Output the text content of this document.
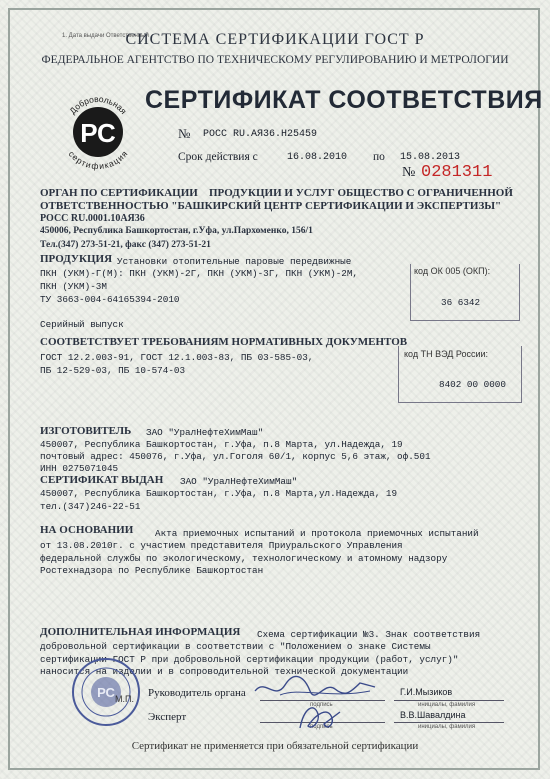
1. Дата выдачи Ответственный
СИСТЕМА СЕРТИФИКАЦИИ ГОСТ Р
ФЕДЕРАЛЬНОЕ АГЕНТСТВО ПО ТЕХНИЧЕСКОМУ РЕГУЛИРОВАНИЮ И МЕТРОЛОГИИ
РС
Добровольная
сертификация
СЕРТИФИКАТ СООТВЕТСТВИЯ
№ РОСС RU.АЯ36.Н25459
Срок действия с	16.08.2010 по 15.08.2013
№ 0281311
ОРГАН ПО СЕРТИФИКАЦИИ ПРОДУКЦИИ И УСЛУГ ОБЩЕСТВО С ОГРАНИЧЕННОЙ
ОТВЕТСТВЕННОСТЬЮ "БАШКИРСКИЙ ЦЕНТР СЕРТИФИКАЦИИ И ЭКСПЕРТИЗЫ"
РОСС RU.0001.10АЯ36
450006, Республика Башкортостан, г.Уфа, ул.Пархоменко, 156/1
Тел.(347) 273-51-21, факс (347) 273-51-21
ПРОДУКЦИЯ Установки отопительные паровые передвижные
ПКН (УКМ)-Г(М): ПКН (УКМ)-2Г, ПКН (УКМ)-3Г, ПКН (УКМ)-2М,
ПКН (УКМ)-3М
ТУ 3663-004-64165394-2010
Серийный выпуск
код ОК 005 (ОКП):
36 6342
СООТВЕТСТВУЕТ ТРЕБОВАНИЯМ НОРМАТИВНЫХ ДОКУМЕНТОВ
ГОСТ 12.2.003-91, ГОСТ 12.1.003-83, ПБ 03-585-03,
ПБ 12-529-03, ПБ 10-574-03
код ТН ВЭД России:
8402 00 0000
ИЗГОТОВИТЕЛЬ ЗАО "УралНефтеХимМаш"
450007, Республика Башкортостан, г.Уфа, п.8 Марта, ул.Надежда, 19
почтовый адрес: 450076, г.Уфа, ул.Гоголя 60/1, корпус 5,6 этаж, оф.501
ИНН 0275071045
СЕРТИФИКАТ ВЫДАН ЗАО "УралНефтеХимМаш"
450007, Республика Башкортостан, г.Уфа, п.8 Марта,ул.Надежда, 19
тел.(347)246-22-51
НА ОСНОВАНИИ Акта приемочных испытаний и протокола приемочных испытаний
от 13.08.2010г. с участием представителя Приуральского Управления
федеральной службы по экологическому, технологическому и атомному надзору
Ростехнадзора по Республике Башкортостан
ДОПОЛНИТЕЛЬНАЯ ИНФОРМАЦИЯ Схема сертификации №3. Знак соответствия
добровольной сертификации в соответствии с "Положением о знаке Системы
сертификации ГОСТ Р при добровольной сертификации продукции (работ, услуг)"
наносится на изделии и в сопроводительной технической документации
РС	Руководитель органа
подпись
Г.И.Мызиков
инициалы, фамилия
М.П.
Эксперт
подпись
В.В.Шавалдина
инициалы, фамилия
Сертификат не применяется при обязательной сертификации
